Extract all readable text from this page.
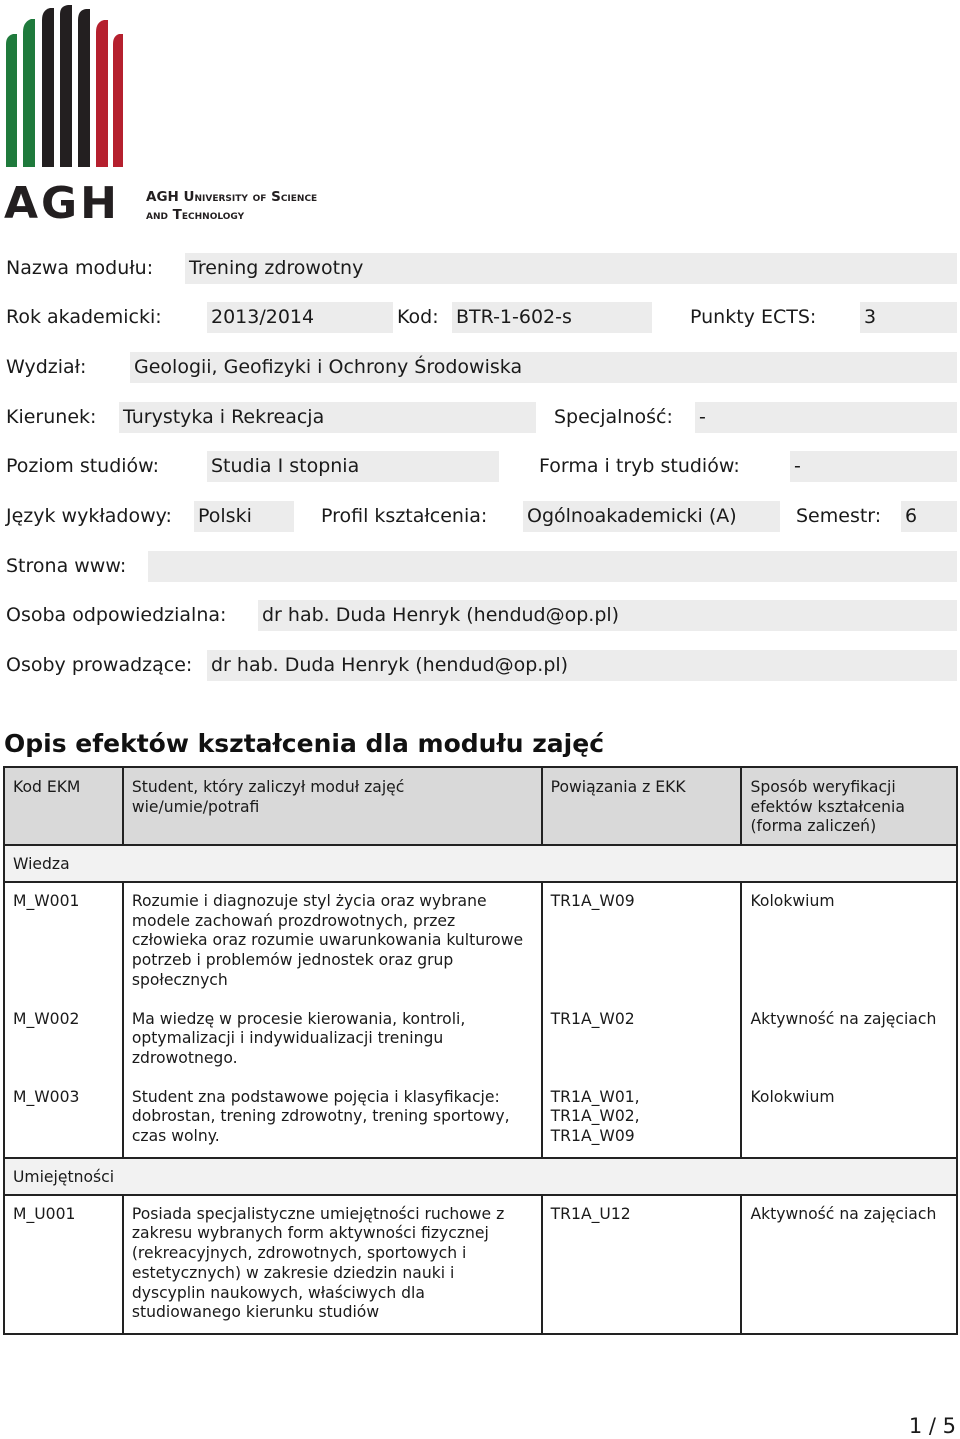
AGH AGH University of Science
and Technology
Nazwa modułu: Trening zdrowotny
Rok akademicki:	2013/2014	Kod: BTR-1-602-s	Punkty ECTS:	3
Wydział:	Geologii, Geofizyki i Ochrony Środowiska
Kierunek: Turystyka i Rekreacja	Specjalność: -
Poziom studiów:	Studia I stopnia	Forma i tryb studiów:	-
Język wykładowy: Polski	Profil kształcenia: Ogólnoakademicki (A)	Semestr: 6
Strona www:
Osoba odpowiedzialna: dr hab. Duda Henryk (hendud@op.pl)
Osoby prowadzące: dr hab. Duda Henryk (hendud@op.pl)
Opis efektów kształcenia dla modułu zajęć
Kod EKM	Student, który zaliczył moduł zajęć wie/umie/potrafi	Powiązania z EKK	Sposób weryfikacji efektów kształcenia (forma zaliczeń)
Wiedza			
M_W001	Rozumie i diagnozuje styl życia oraz wybrane modele zachowań prozdrowotnych, przez człowieka oraz rozumie uwarunkowania kulturowe potrzeb i problemów jednostek oraz grup społecznych	TR1A_W09	Kolokwium
M_W002	Ma wiedzę w procesie kierowania, kontroli, optymalizacji i indywidualizacji treningu zdrowotnego.	TR1A_W02	Aktywność na zajęciach
M_W003	Student zna podstawowe pojęcia i klasyfikacje: dobrostan, trening zdrowotny, trening sportowy, czas wolny.	TR1A_W01, TR1A_W02, TR1A_W09	Kolokwium
Umiejętności			
M_U001	Posiada specjalistyczne umiejętności ruchowe z zakresu wybranych form aktywności fizycznej (rekreacyjnych, zdrowotnych, sportowych i estetycznych) w zakresie dziedzin nauki i dyscyplin naukowych, właściwych dla studiowanego kierunku studiów	TR1A_U12	Aktywność na zajęciach
1 / 5
